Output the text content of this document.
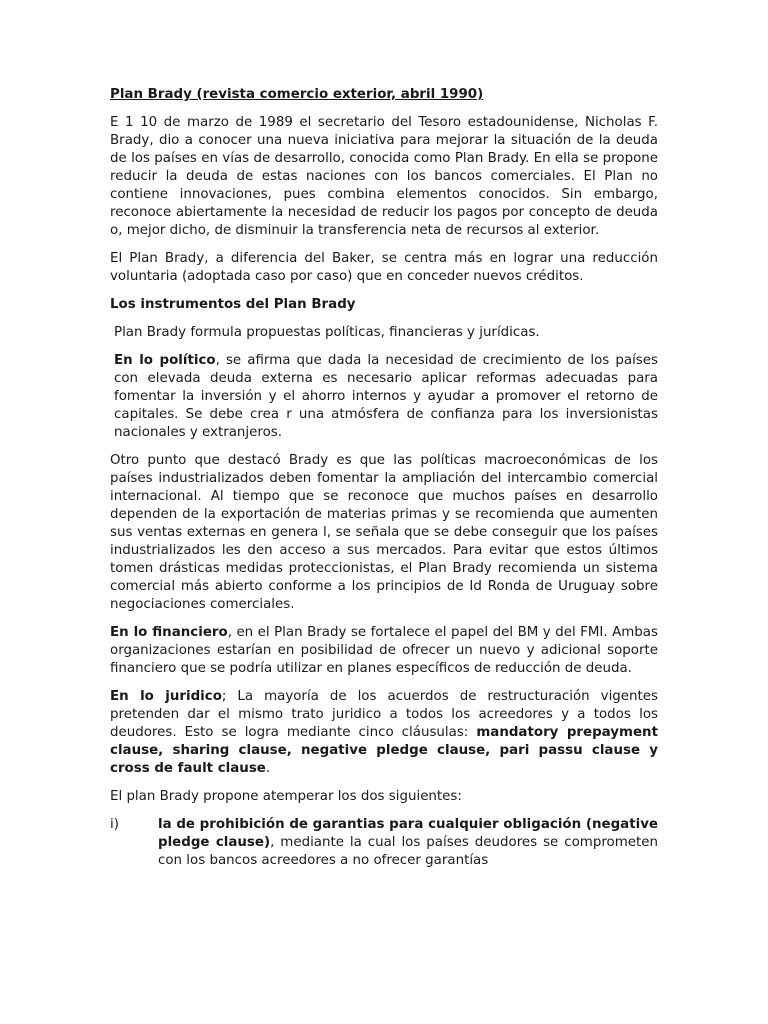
Plan Brady (revista comercio exterior, abril 1990)

E 1 10 de marzo de 1989 el secretario del Tesoro estadounidense, Nicholas F. Brady, dio a conocer una nueva iniciativa para mejorar la situación de la deuda de los países en vías de desarrollo, conocida como Plan Brady. En ella se propone reducir la deuda de estas naciones con los bancos comerciales. El Plan no contiene innovaciones, pues combina elementos conocidos. Sin embargo, reconoce abiertamente la necesidad de reducir los pagos por concepto de deuda o, mejor dicho, de disminuir la transferencia neta de recursos al exterior.

El Plan Brady, a diferencia del Baker, se centra más en lograr una reducción voluntaria (adoptada caso por caso) que en conceder nuevos créditos.

Los instrumentos del Plan Brady

Plan Brady formula propuestas políticas, financieras y jurídicas.

En lo político, se afirma que dada la necesidad de crecimiento de los países con elevada deuda externa es necesario aplicar reformas adecuadas para fomentar la inversión y el ahorro internos y ayudar a promover el retorno de capitales. Se debe crea r una atmósfera de confianza para los inversionistas nacionales y extranjeros.

Otro punto que destacó Brady es que las políticas macroeconómicas de los países industrializados deben fomentar la ampliación del intercambio comercial internacional. Al tiempo que se reconoce que muchos países en desarrollo dependen de la exportación de materias primas y se recomienda que aumenten sus ventas externas en genera l, se señala que se debe conseguir que los países industrializados les den acceso a sus mercados. Para evitar que estos últimos tomen drásticas medidas proteccionistas, el Plan Brady recomienda un sistema comercial más abierto conforme a los principios de Id Ronda de Uruguay sobre negociaciones comerciales.

En lo financiero, en el Plan Brady se fortalece el papel del BM y del FMI. Ambas organizaciones estarían en posibilidad de ofrecer un nuevo y adicional soporte financiero que se podría utilizar en planes específicos de reducción de deuda.

En lo juridico; La mayoría de los acuerdos de restructuración vigentes pretenden dar el mismo trato juridico a todos los acreedores y a todos los deudores. Esto se logra mediante cinco cláusulas: mandatory prepayment clause, sharing clause, negative pledge clause, pari passu clause y cross de fault clause.

El plan Brady propone atemperar los dos siguientes:

i)	la de prohibición de garantias para cualquier obligación (negative pledge clause), mediante la cual los países deudores se comprometen con los bancos acreedores a no ofrecer garantías
